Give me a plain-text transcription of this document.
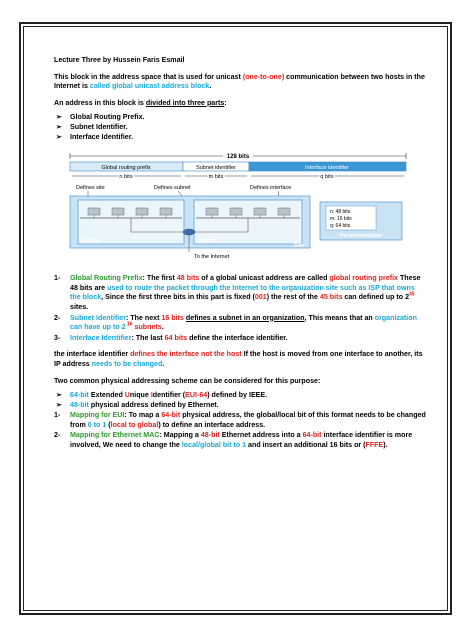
Lecture Three by Hussein Faris Esmail

This block in the address space that is used for unicast (one-to-one) communication between two hosts in the Internet is called global unicast address block.

An address in this block is divided into three parts:

➢ Global Routing Prefix.
➢ Subnet Identifier.
➢ Interface Identifier.
128 bits
Global routing prefix	Subnet identifier	Interface identifier
n bits	m bits	q bits
Defines site	Defines subnet	Defines interface
Subnet	Subnet
Site
To the Internet
n: 48 bits
m: 16 bits
q: 64 bits
Recommendation
1- Global Routing Prefix: The first 48 bits of a global unicast address are called global routing prefix These 48 bits are used to route the packet through the Internet to the organization site such as ISP that owns the block, Since the first three bits in this part is fixed (001) the rest of the 45 bits can defined up to $2^{45}$ sites.
2- Subnet Identifier: The next 16 bits defines a subnet in an organization, This means that an organization can have up to 2 $^{16}$ subnets.
3- Interface Identifier: The last 64 bits define the interface identifier.

the interface identifier defines the interface not the host If the host is moved from one interface to another, its IP address needs to be changed.

Two common physical addressing scheme can be considered for this purpose:

➢ 64-bit Extended Unique Identifier (EUI-64) defined by IEEE.
➢ 48-bit physical address defined by Ethernet.
1- Mapping for EUI: To map a 64-bit physical address, the global/local bit of this format needs to be changed from 0 to 1 (local to global) to define an interface address.
2- Mapping for Ethernet MAC: Mapping a 48-bit Ethernet address into a 64-bit interface identifier is more involved, We need to change the local/global bit to 1 and insert an additional 16 bits or (FFFE).
